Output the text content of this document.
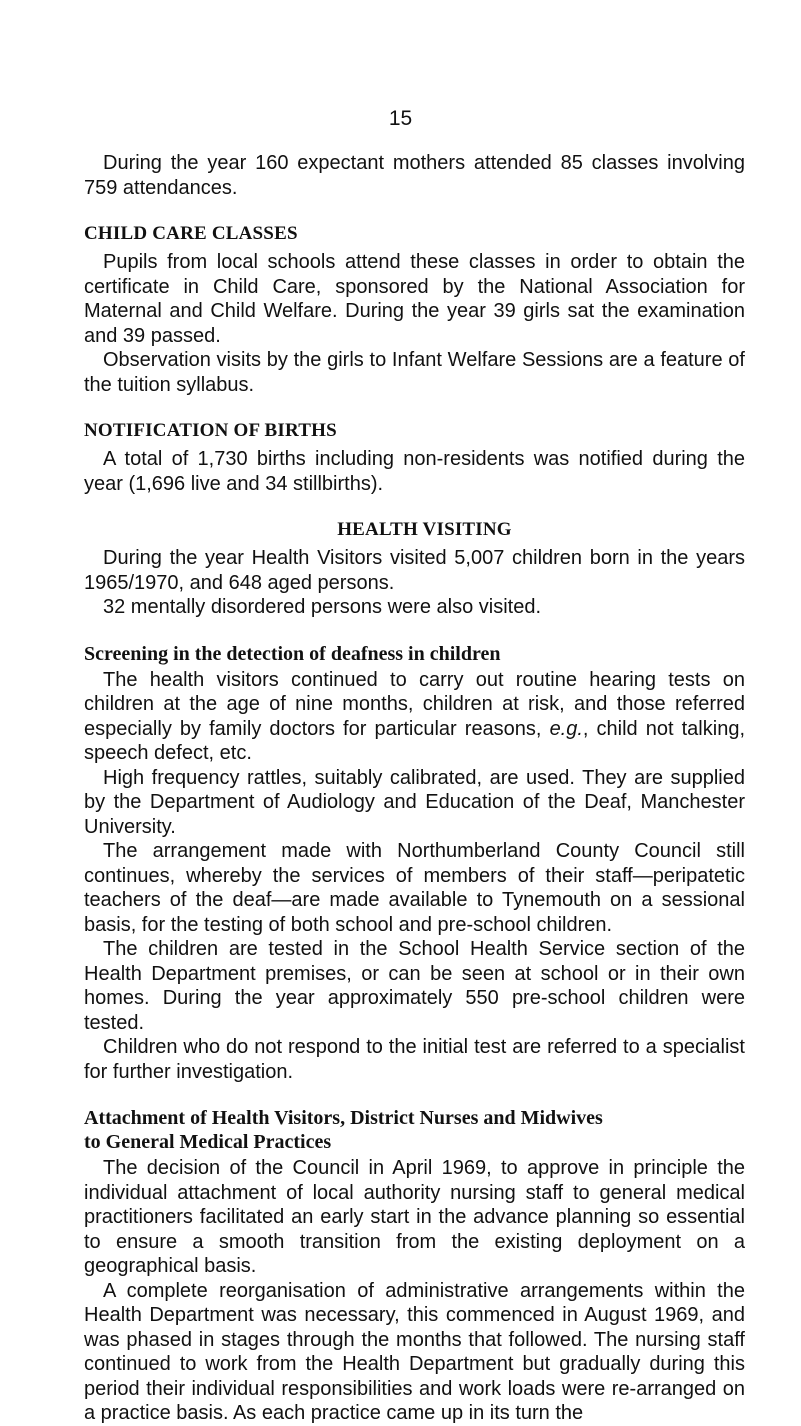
15

During the year 160 expectant mothers attended 85 classes involving 759 attendances.

CHILD CARE CLASSES

Pupils from local schools attend these classes in order to obtain the certificate in Child Care, sponsored by the National Association for Maternal and Child Welfare. During the year 39 girls sat the examination and 39 passed.

Observation visits by the girls to Infant Welfare Sessions are a feature of the tuition syllabus.

NOTIFICATION OF BIRTHS

A total of 1,730 births including non-residents was notified during the year (1,696 live and 34 stillbirths).

HEALTH VISITING

During the year Health Visitors visited 5,007 children born in the years 1965/1970, and 648 aged persons.

32 mentally disordered persons were also visited.

Screening in the detection of deafness in children

The health visitors continued to carry out routine hearing tests on children at the age of nine months, children at risk, and those referred especially by family doctors for particular reasons, e.g., child not talking, speech defect, etc.

High frequency rattles, suitably calibrated, are used. They are supplied by the Department of Audiology and Education of the Deaf, Manchester University.

The arrangement made with Northumberland County Council still continues, whereby the services of members of their staff—peripatetic teachers of the deaf—are made available to Tynemouth on a sessional basis, for the testing of both school and pre-school children.

The children are tested in the School Health Service section of the Health Department premises, or can be seen at school or in their own homes. During the year approximately 550 pre-school children were tested.

Children who do not respond to the initial test are referred to a specialist for further investigation.

Attachment of Health Visitors, District Nurses and Midwives
to General Medical Practices

The decision of the Council in April 1969, to approve in principle the individual attachment of local authority nursing staff to general medical practitioners facilitated an early start in the advance planning so essential to ensure a smooth transition from the existing deployment on a geographical basis.

A complete reorganisation of administrative arrangements within the Health Department was necessary, this commenced in August 1969, and was phased in stages through the months that followed. The nursing staff continued to work from the Health Department but gradually during this period their individual responsibilities and work loads were re-arranged on a practice basis. As each practice came up in its turn the
